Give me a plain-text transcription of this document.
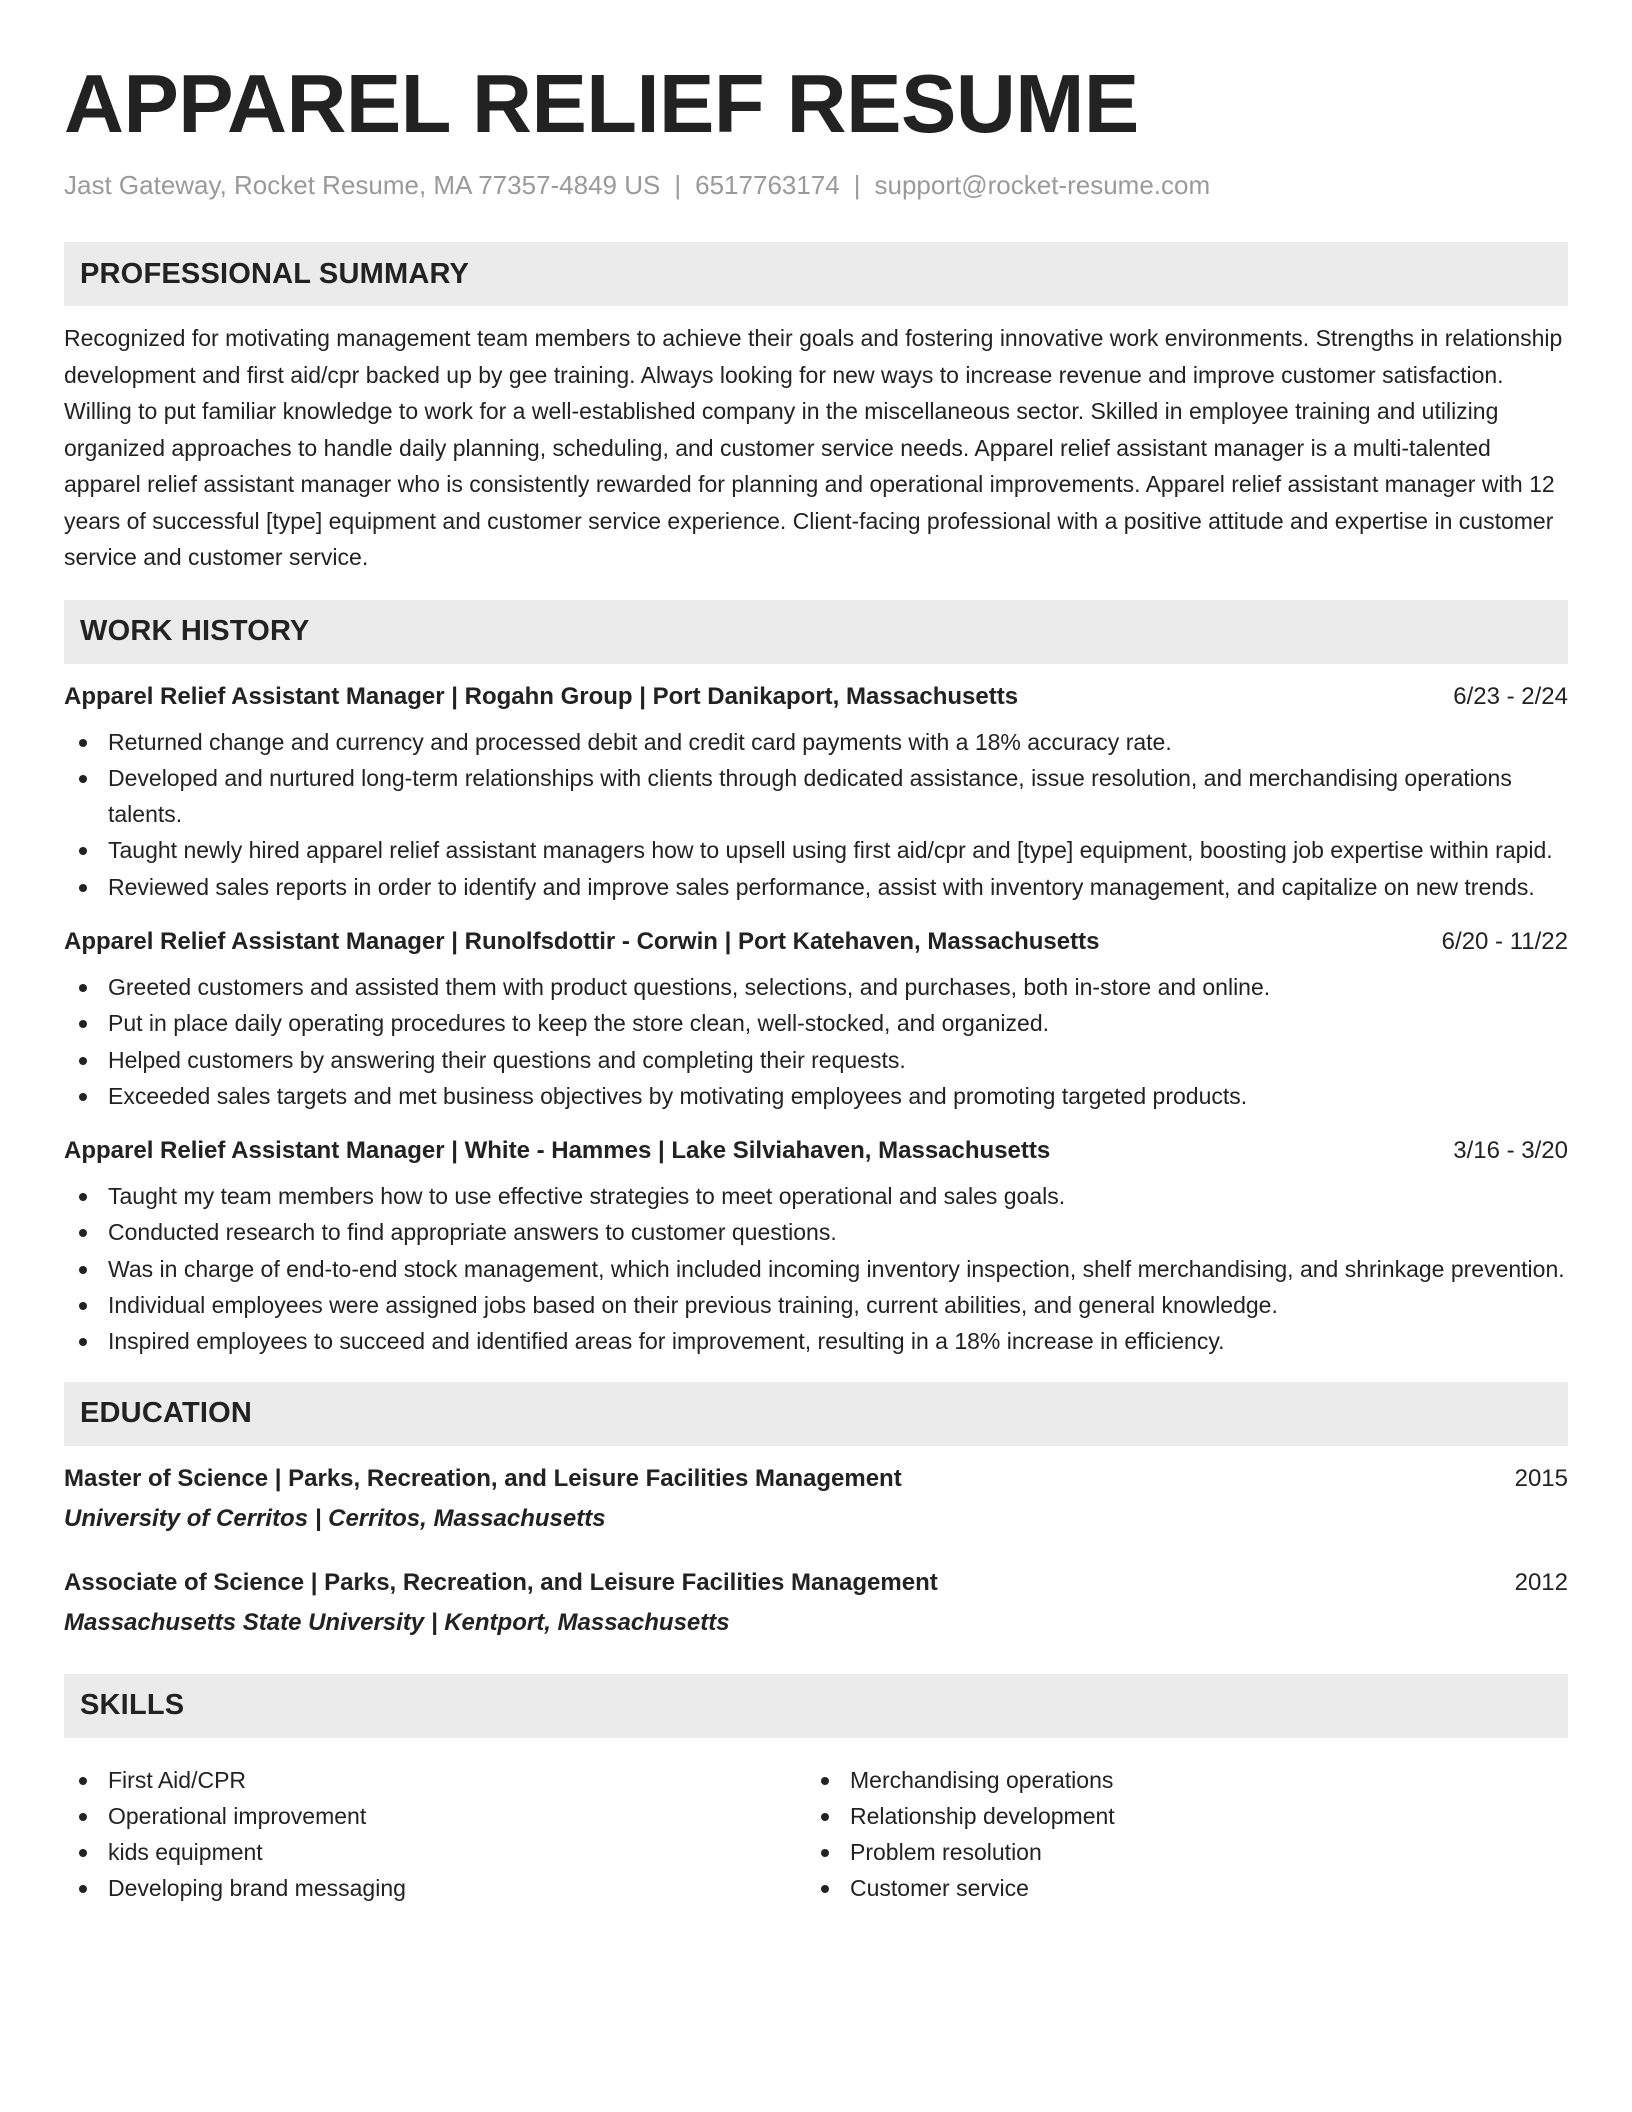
APPAREL RELIEF RESUME
Jast Gateway, Rocket Resume, MA 77357-4849 US | 6517763174 | support@rocket-resume.com
PROFESSIONAL SUMMARY

Recognized for motivating management team members to achieve their goals and fostering innovative work environments. Strengths in relationship development and first aid/cpr backed up by gee training. Always looking for new ways to increase revenue and improve customer satisfaction. Willing to put familiar knowledge to work for a well-established company in the miscellaneous sector. Skilled in employee training and utilizing organized approaches to handle daily planning, scheduling, and customer service needs. Apparel relief assistant manager is a multi-talented apparel relief assistant manager who is consistently rewarded for planning and operational improvements. Apparel relief assistant manager with 12 years of successful [type] equipment and customer service experience. Client-facing professional with a positive attitude and expertise in customer service and customer service.

WORK HISTORY
Apparel Relief Assistant Manager | Rogahn Group | Port Danikaport, Massachusetts	6/23 - 2/24
Returned change and currency and processed debit and credit card payments with a 18% accuracy rate.
Developed and nurtured long-term relationships with clients through dedicated assistance, issue resolution, and merchandising operations talents.
Taught newly hired apparel relief assistant managers how to upsell using first aid/cpr and [type] equipment, boosting job expertise within rapid.
Reviewed sales reports in order to identify and improve sales performance, assist with inventory management, and capitalize on new trends.
Apparel Relief Assistant Manager | Runolfsdottir - Corwin | Port Katehaven, Massachusetts	6/20 - 11/22
Greeted customers and assisted them with product questions, selections, and purchases, both in-store and online.
Put in place daily operating procedures to keep the store clean, well-stocked, and organized.
Helped customers by answering their questions and completing their requests.
Exceeded sales targets and met business objectives by motivating employees and promoting targeted products.
Apparel Relief Assistant Manager | White - Hammes | Lake Silviahaven, Massachusetts	3/16 - 3/20
Taught my team members how to use effective strategies to meet operational and sales goals.
Conducted research to find appropriate answers to customer questions.
Was in charge of end-to-end stock management, which included incoming inventory inspection, shelf merchandising, and shrinkage prevention.
Individual employees were assigned jobs based on their previous training, current abilities, and general knowledge.
Inspired employees to succeed and identified areas for improvement, resulting in a 18% increase in efficiency.
EDUCATION
Master of Science | Parks, Recreation, and Leisure Facilities Management	2015
University of Cerritos | Cerritos, Massachusetts
Associate of Science | Parks, Recreation, and Leisure Facilities Management	2012
Massachusetts State University | Kentport, Massachusetts
SKILLS
First Aid/CPR
Operational improvement
kids equipment
Developing brand messaging
Merchandising operations
Relationship development
Problem resolution
Customer service
